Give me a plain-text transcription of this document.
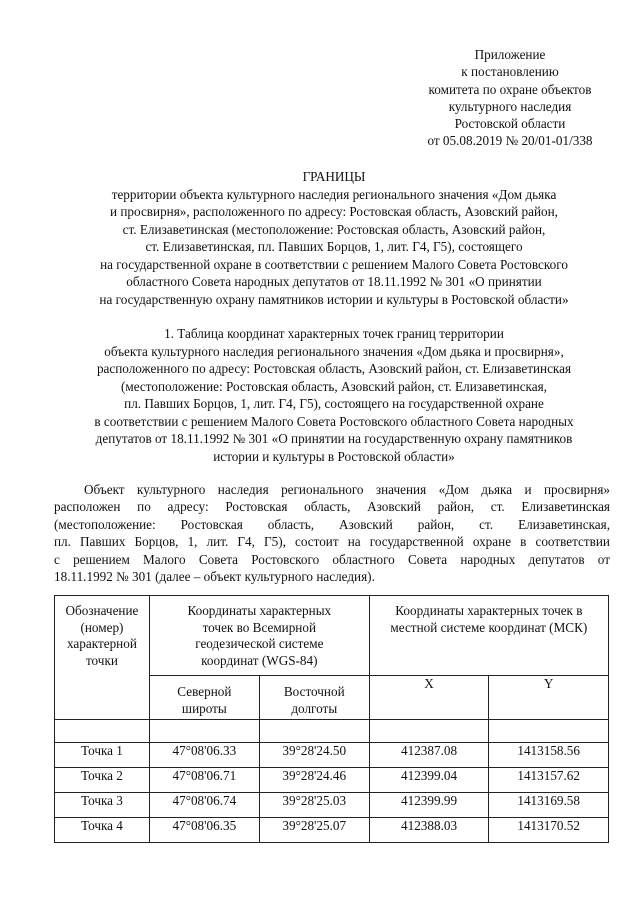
Приложение
к постановлению
комитета по охране объектов
культурного наследия
Ростовской области
от 05.08.2019 № 20/01-01/338
ГРАНИЦЫ
территории объекта культурного наследия регионального значения «Дом дьяка
и просвирня», расположенного по адресу: Ростовская область, Азовский район,
ст. Елизаветинская (местоположение: Ростовская область, Азовский район,
ст. Елизаветинская, пл. Павших Борцов, 1, лит. Г4, Г5), состоящего
на государственной охране в соответствии с решением Малого Совета Ростовского
областного Совета народных депутатов от 18.11.1992 № 301 «О принятии
на государственную охрану памятников истории и культуры в Ростовской области»
1. Таблица координат характерных точек границ территории
объекта культурного наследия регионального значения «Дом дьяка и просвирня»,
расположенного по адресу: Ростовская область, Азовский район, ст. Елизаветинская
(местоположение: Ростовская область, Азовский район, ст. Елизаветинская,
пл. Павших Борцов, 1, лит. Г4, Г5), состоящего на государственной охране
в соответствии с решением Малого Совета Ростовского областного Совета народных
депутатов от 18.11.1992 № 301 «О принятии на государственную охрану памятников
истории и культуры в Ростовской области»
Объект культурного наследия регионального значения «Дом дьяка и просвирня»
расположен по адресу: Ростовская область, Азовский район, ст. Елизаветинская
(местоположение: Ростовская область, Азовский район, ст. Елизаветинская,
пл. Павших Борцов, 1, лит. Г4, Г5), состоит на государственной охране в соответствии
с решением Малого Совета Ростовского областного Совета народных депутатов от
18.11.1992 № 301 (далее – объект культурного наследия).
Обозначение (номер) характерной точки	Координаты характерных точек во Всемирной геодезической системе координат (WGS-84)		Координаты характерных точек в местной системе координат (МСК)	
	Северной широты	Восточной долготы	X	Y

Точка 1	47°08'06.33	39°28'24.50	412387.08	1413158.56
Точка 2	47°08'06.71	39°28'24.46	412399.04	1413157.62
Точка 3	47°08'06.74	39°28'25.03	412399.99	1413169.58
Точка 4	47°08'06.35	39°28'25.07	412388.03	1413170.52
